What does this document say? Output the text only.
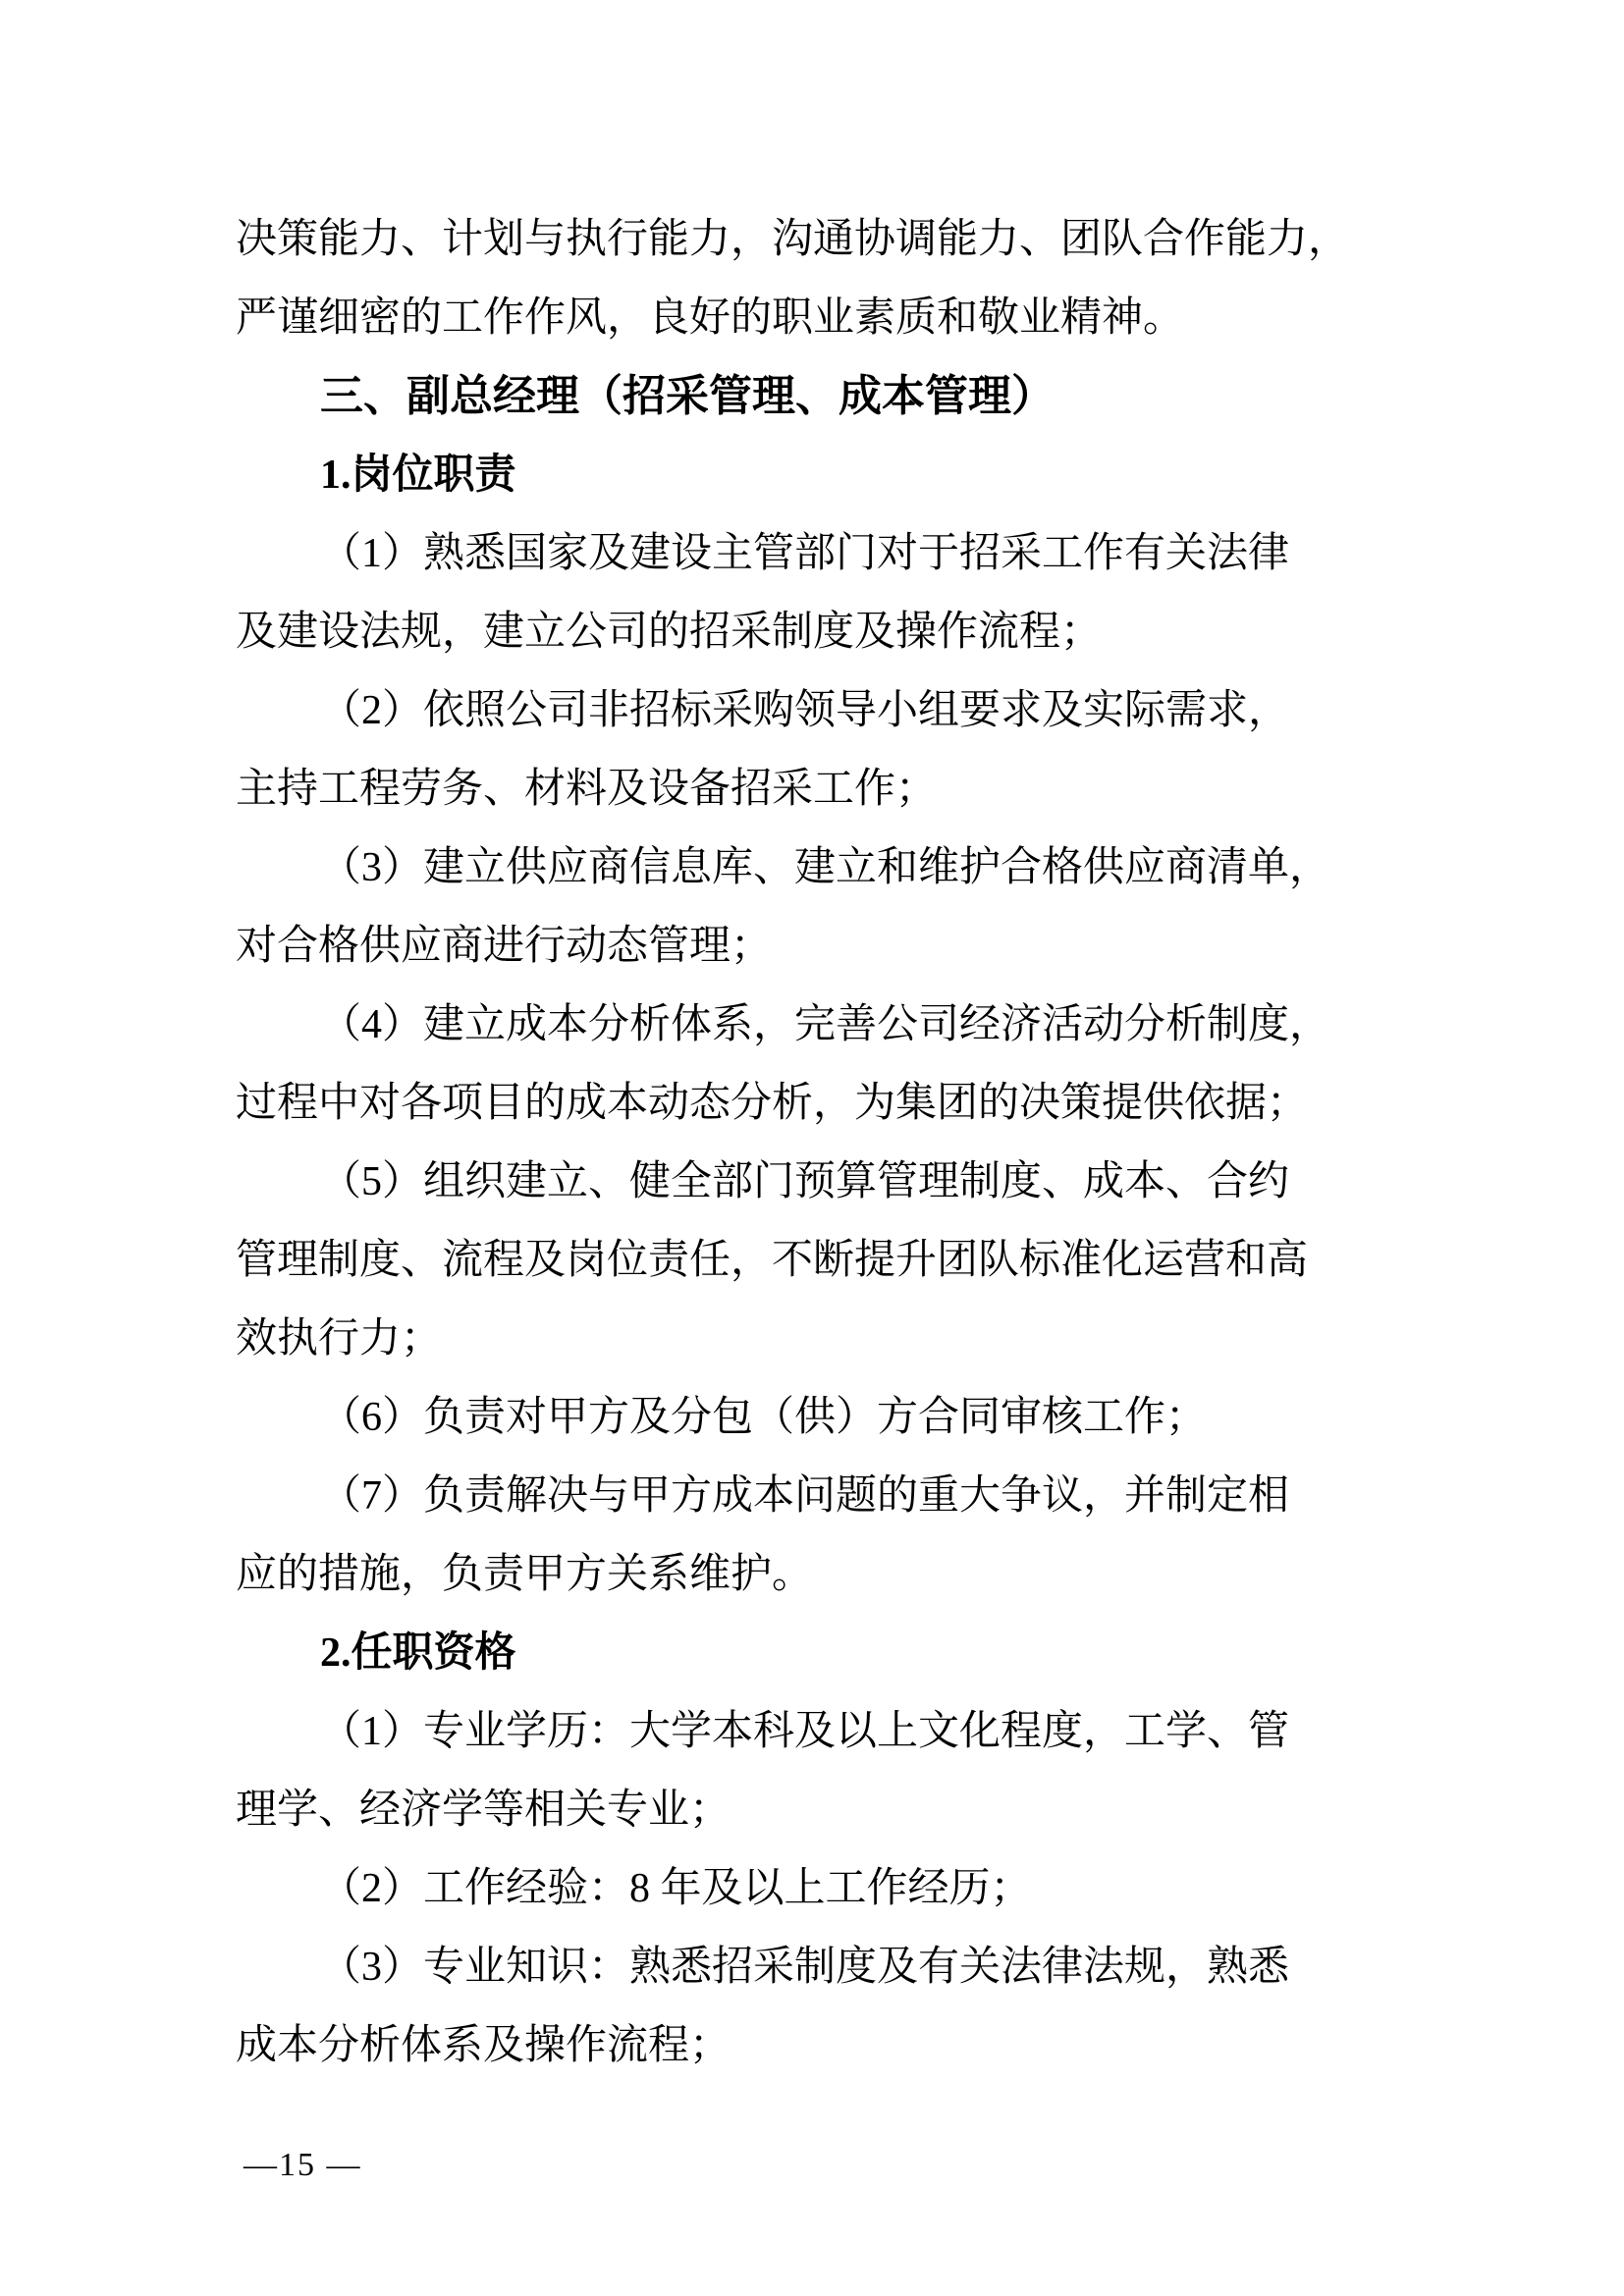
决策能力、计划与执行能力，沟通协调能力、团队合作能力，
严谨细密的工作作风，良好的职业素质和敬业精神。
三、副总经理（招采管理、成本管理）
1.岗位职责
（1）熟悉国家及建设主管部门对于招采工作有关法律
及建设法规，建立公司的招采制度及操作流程；
（2）依照公司非招标采购领导小组要求及实际需求，
主持工程劳务、材料及设备招采工作；
（3）建立供应商信息库、建立和维护合格供应商清单，
对合格供应商进行动态管理；
（4）建立成本分析体系，完善公司经济活动分析制度，
过程中对各项目的成本动态分析，为集团的决策提供依据；
（5）组织建立、健全部门预算管理制度、成本、合约
管理制度、流程及岗位责任，不断提升团队标准化运营和高
效执行力；
（6）负责对甲方及分包（供）方合同审核工作；
（7）负责解决与甲方成本问题的重大争议，并制定相
应的措施，负责甲方关系维护。
2.任职资格
（1）专业学历：大学本科及以上文化程度，工学、管
理学、经济学等相关专业；
（2）工作经验：8 年及以上工作经历；
（3）专业知识：熟悉招采制度及有关法律法规，熟悉
成本分析体系及操作流程；
—15 —
